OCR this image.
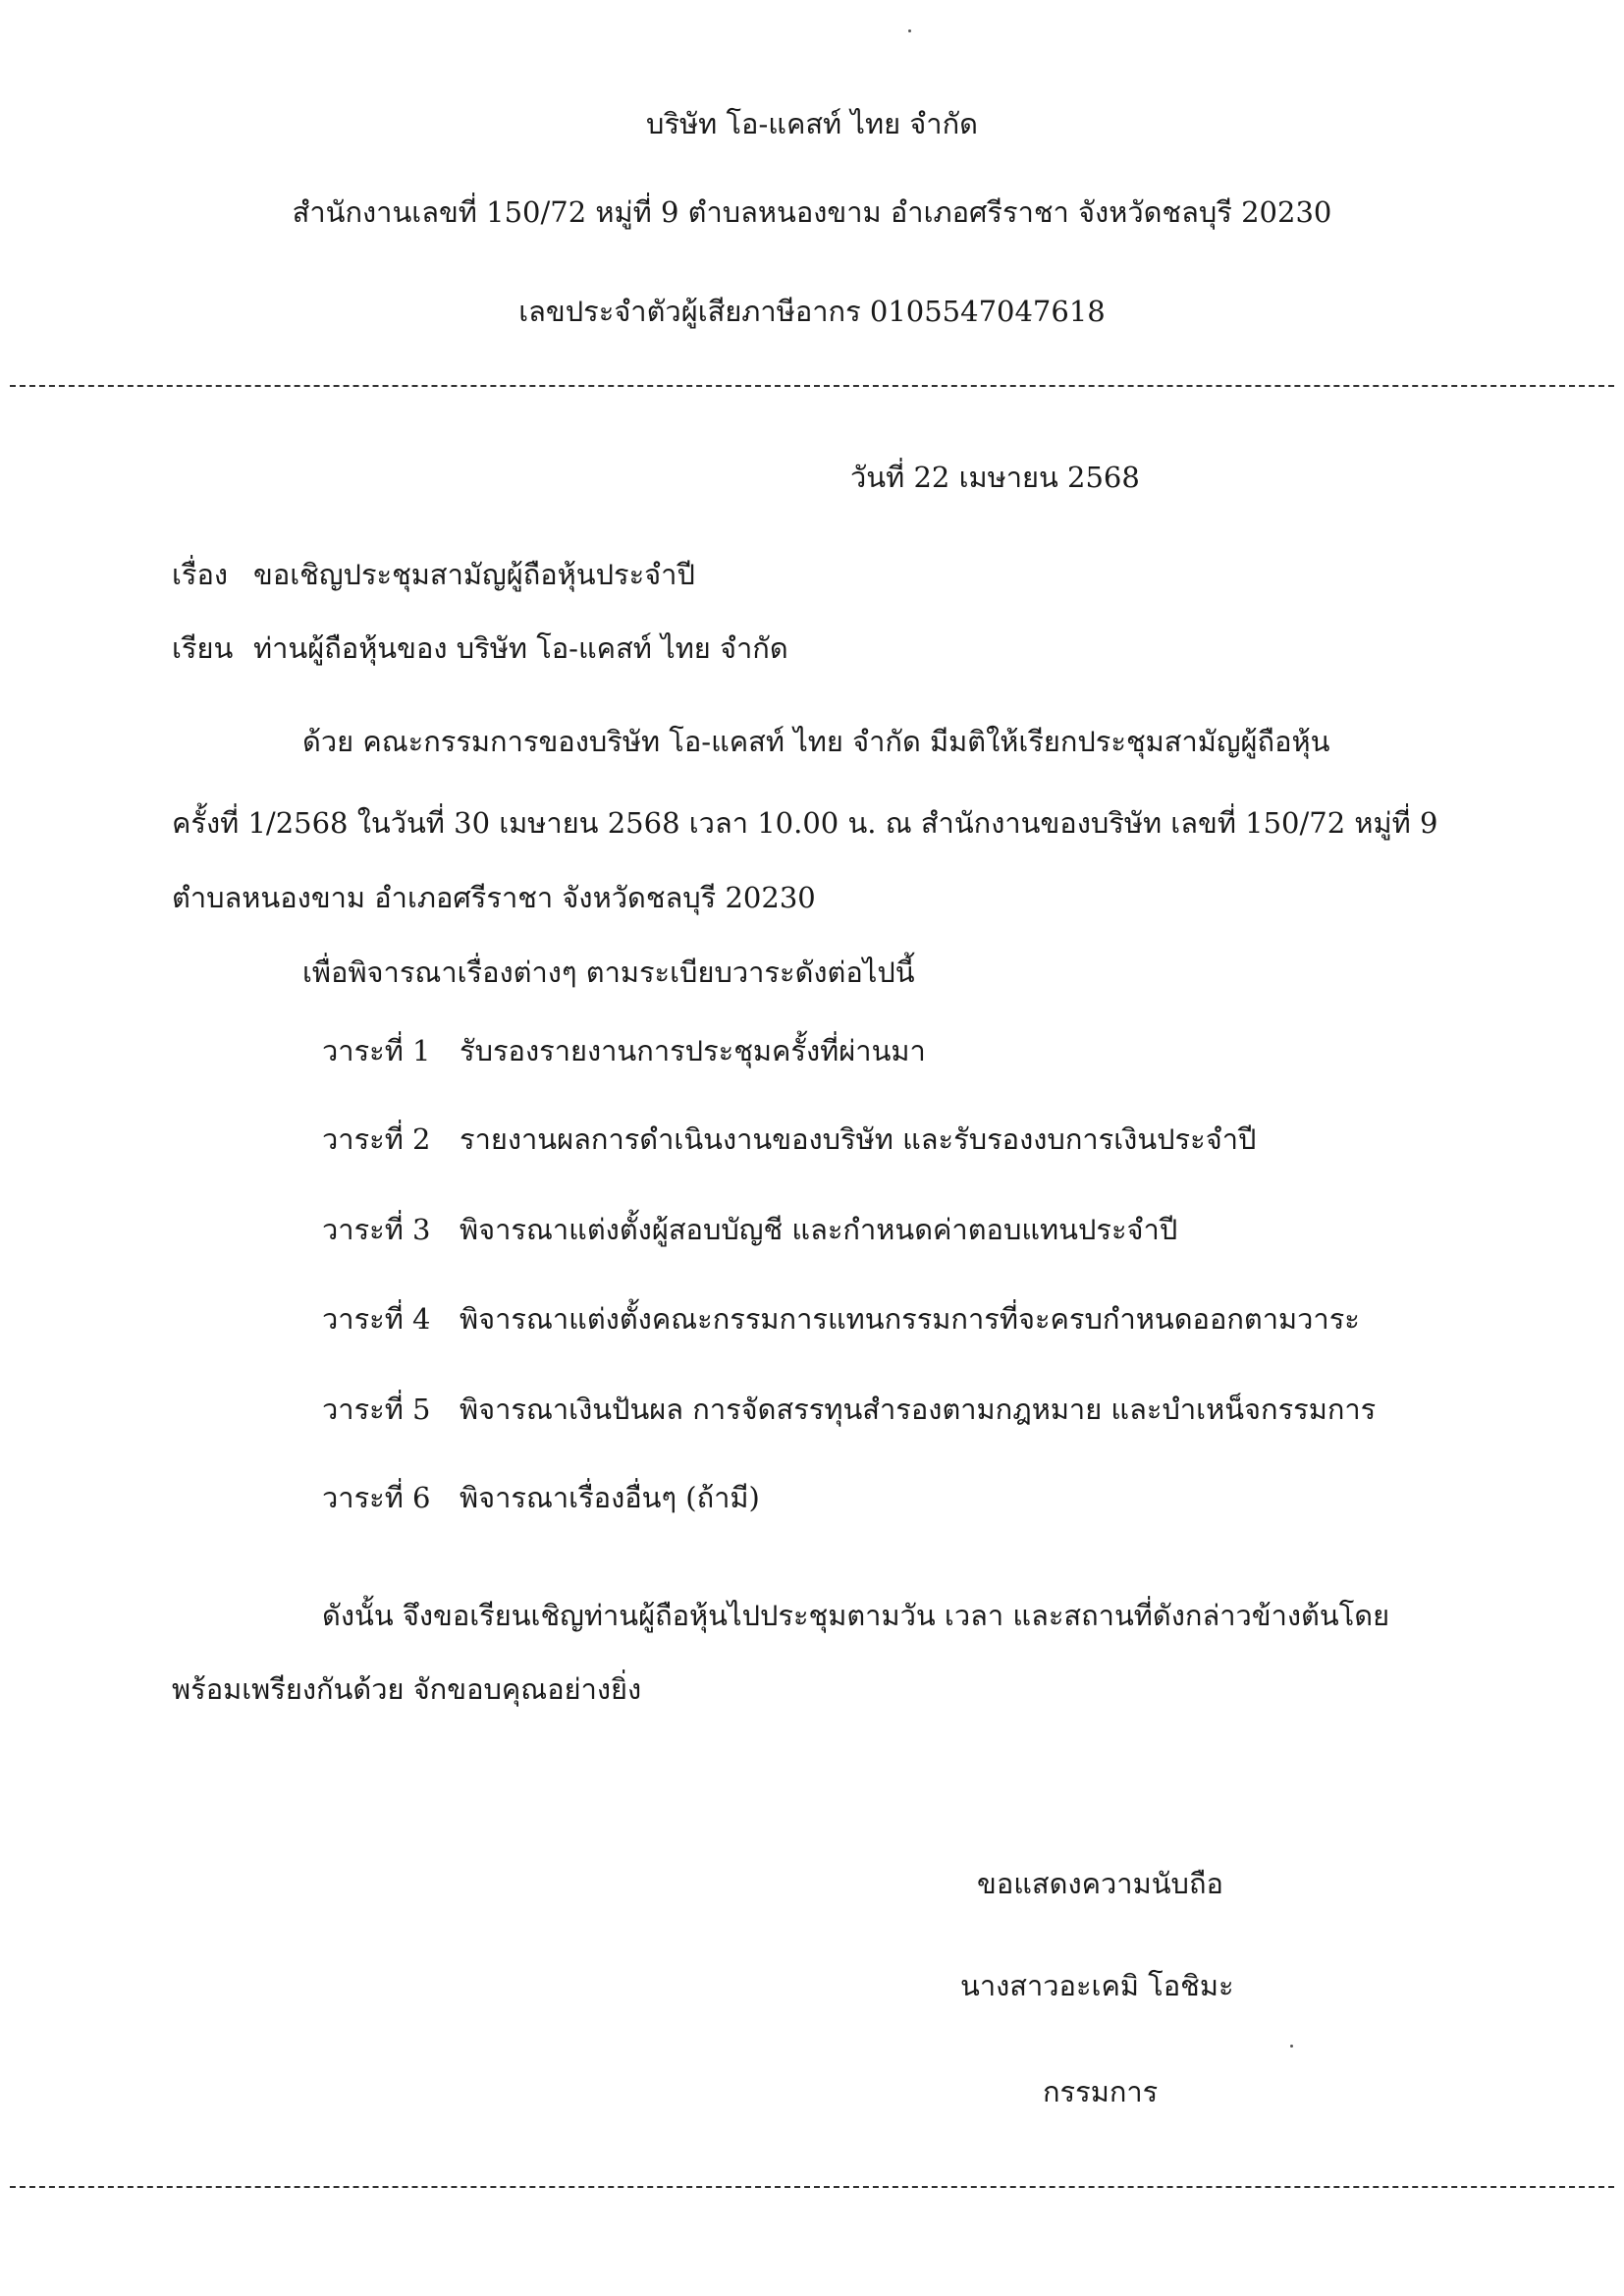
บริษัท โอ-แคสท์ ไทย จำกัด
สำนักงานเลขที่ 150/72 หมู่ที่ 9 ตำบลหนองขาม อำเภอศรีราชา จังหวัดชลบุรี 20230
เลขประจำตัวผู้เสียภาษีอากร 0105547047618
วันที่ 22 เมษายน 2568
เรื่อง ขอเชิญประชุมสามัญผู้ถือหุ้นประจำปี
เรียน ท่านผู้ถือหุ้นของ บริษัท โอ-แคสท์ ไทย จำกัด
ด้วย คณะกรรมการของบริษัท โอ-แคสท์ ไทย จำกัด มีมติให้เรียกประชุมสามัญผู้ถือหุ้น
ครั้งที่ 1/2568 ในวันที่ 30 เมษายน 2568 เวลา 10.00 น. ณ สำนักงานของบริษัท เลขที่ 150/72 หมู่ที่ 9
ตำบลหนองขาม อำเภอศรีราชา จังหวัดชลบุรี 20230
เพื่อพิจารณาเรื่องต่างๆ ตามระเบียบวาระดังต่อไปนี้
วาระที่ 1 รับรองรายงานการประชุมครั้งที่ผ่านมา
วาระที่ 2 รายงานผลการดำเนินงานของบริษัท และรับรองงบการเงินประจำปี
วาระที่ 3 พิจารณาแต่งตั้งผู้สอบบัญชี และกำหนดค่าตอบแทนประจำปี
วาระที่ 4 พิจารณาแต่งตั้งคณะกรรมการแทนกรรมการที่จะครบกำหนดออกตามวาระ
วาระที่ 5 พิจารณาเงินปันผล การจัดสรรทุนสำรองตามกฎหมาย และบำเหน็จกรรมการ
วาระที่ 6 พิจารณาเรื่องอื่นๆ (ถ้ามี)
ดังนั้น จึงขอเรียนเชิญท่านผู้ถือหุ้นไปประชุมตามวัน เวลา และสถานที่ดังกล่าวข้างต้นโดย
พร้อมเพรียงกันด้วย จักขอบคุณอย่างยิ่ง
ขอแสดงความนับถือ
นางสาวอะเคมิ โอชิมะ
กรรมการ
